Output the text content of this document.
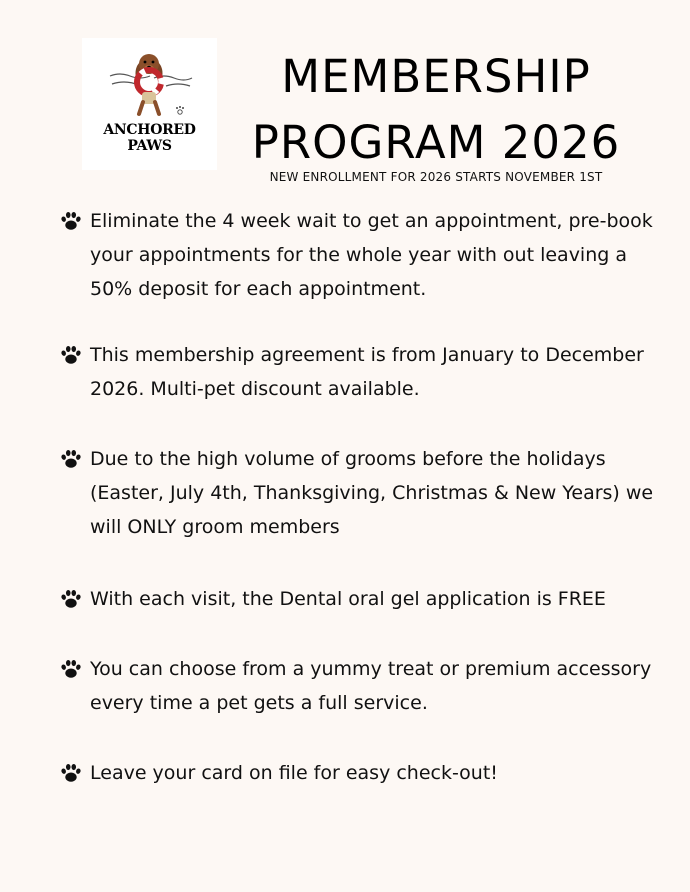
ANCHORED PAWS
MEMBERSHIP
PROGRAM 2026
NEW ENROLLMENT FOR 2026 STARTS NOVEMBER 1ST
Eliminate the 4 week wait to get an appointment, pre-book your appointments for the whole year with out leaving a 50% deposit for each appointment.
This membership agreement is from January to December 2026. Multi-pet discount available.
Due to the high volume of grooms before the holidays (Easter, July 4th, Thanksgiving, Christmas & New Years) we will ONLY groom members
With each visit, the Dental oral gel application is FREE
You can choose from a yummy treat or premium accessory every time a pet gets a full service.
Leave your card on file for easy check-out!
